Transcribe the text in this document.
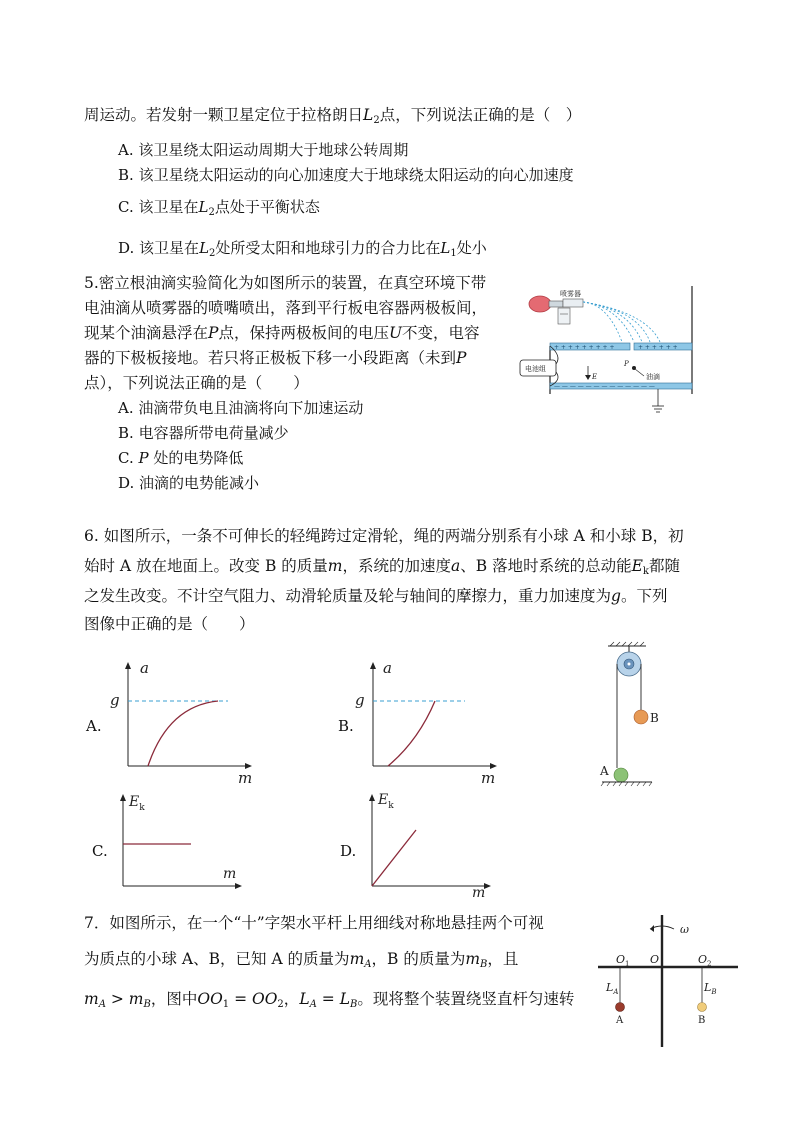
周运动。若发射一颗卫星定位于拉格朗日$L_2$点，下列说法正确的是（　）
A. 该卫星绕太阳运动周期大于地球公转周期
B. 该卫星绕太阳运动的向心加速度大于地球绕太阳运动的向心加速度
C. 该卫星在$L_2$点处于平衡状态
D. 该卫星在$L_2$处所受太阳和地球引力的合力比在$L_1$处小
5.密立根油滴实验简化为如图所示的装置，在真空环境下带
电油滴从喷雾器的喷嘴喷出，落到平行板电容器两极板间，
现某个油滴悬浮在P点，保持两极板间的电压U不变，电容
器的下极板接地。若只将正极板下移一小段距离（未到P
点），下列说法正确的是（　　）
A. 油滴带负电且油滴将向下加速运动
B. 电容器所带电荷量减少
C. P 处的电势降低
D. 油滴的电势能减小
喷雾器
+ + + + + + + + +	+ + + + + +
— — — — — — — — — — — — —
E
P
油滴
电池组
6. 如图所示，一条不可伸长的轻绳跨过定滑轮，绳的两端分别系有小球 A 和小球 B，初
始时 A 放在地面上。改变 B 的质量m，系统的加速度a、B 落地时系统的总动能$E_k$都随
之发生改变。不计空气阻力、动滑轮质量及轮与轴间的摩擦力，重力加速度为g。下列
图像中正确的是（　　）
A.
g
a
m
B.
g
a
m
C.
$E_k$
m
D.
$E_k$
m
B
A
7．如图所示，在一个“十”字架水平杆上用细线对称地悬挂两个可视
为质点的小球 A、B，已知 A 的质量为$m_A$，B 的质量为$m_B$，且
$m_A > m_B$，图中$OO_1 = OO_2$，$L_A = L_B$。现将整个装置绕竖直杆匀速转
ω
O
$O_1$	$O_2$
$L_A$	$L_B$
A	B
